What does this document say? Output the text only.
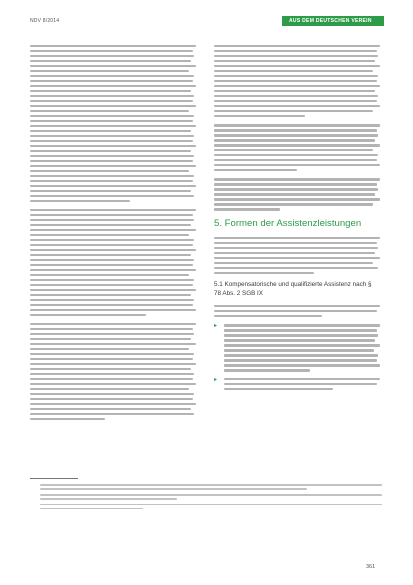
NDV 8/2014	AUS DEM DEUTSCHEN VEREIN
5. Formen der Assistenzleistungen
5.1 Kompensatorische und qualifizierte Assistenz nach § 78 Abs. 2 SGB IX
▸
▸
361
